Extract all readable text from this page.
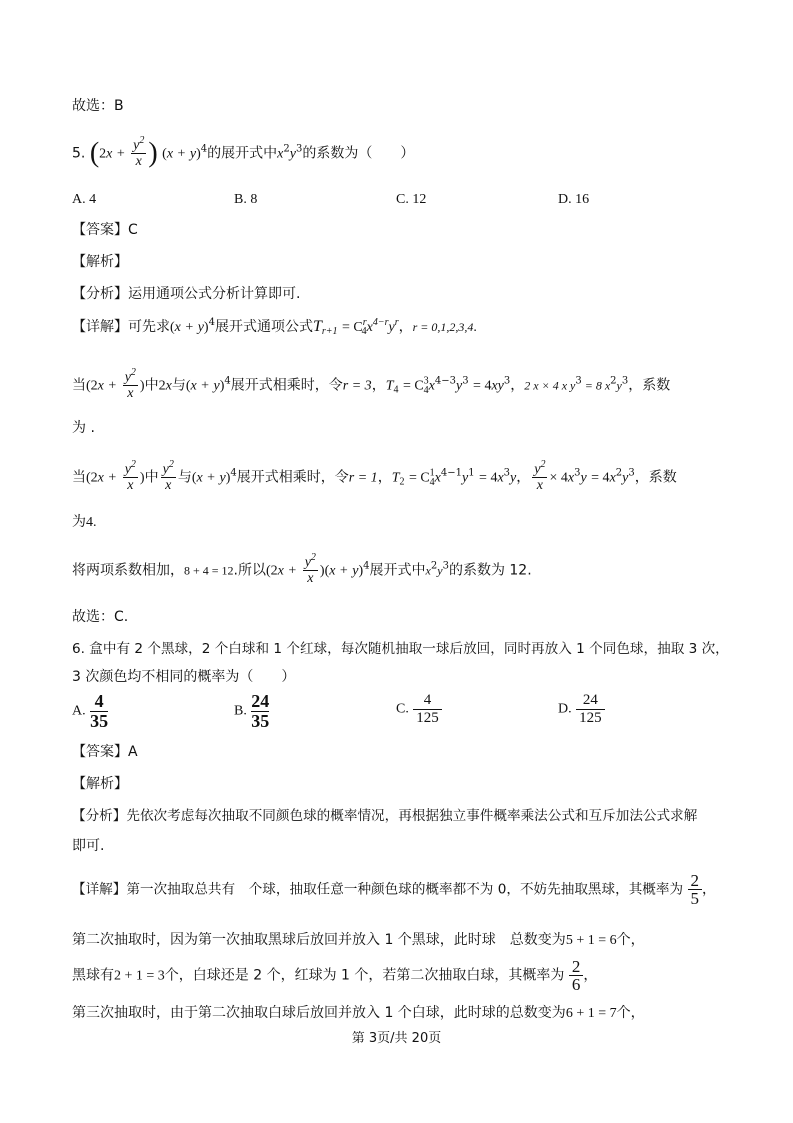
故选：B
5. ($2x + \frac{y^2}{x}$ ) $(x + y)^4$的展开式中$x^2y^3$的系数为（　　）
A. 4	B. 8	C. 12	D. 16
【答案】C
【解析】
【分析】运用通项公式分析计算即可.
【详解】可先求$(x + y)^4$展开式通项公式$T_{r+1} = C^r_4x^{4-r}y^r$，r = 0,1,2,3,4.
当($2x + \frac{y^2}{x}$ )中2x与$(x + y)^4$展开式相乘时，令r = 3，$T_4 = C^3_4x^{4-3}y^3 = 4xy^3$，2 x × 4 x $y^3 = 8$ $x^2y^3$，系数
为 .
当($2x + \frac{y^2}{x}$ )中 $\frac{y^2}{x}$ 与$(x + y)^4$展开式相乘时，令r = 1，$T_2 = C^1_4x^{4-1}y^1 = 4x^3y$， $\frac{y^2}{x} \times 4x^3y = 4x^2y^3$，系数
为4.
将两项系数相加，8 + 4 = 12.所以$(2x + \frac{y^2}{x} )(x + y)^4$展开式中$x^2y^3$的系数为 12.
故选：C.
6. 盒中有 2 个黑球，2 个白球和 1 个红球，每次随机抽取一球后放回，同时再放入 1 个同色球，抽取 3 次，
3 次颜色均不相同的概率为（　　）
A. $\frac{4}{35}$	B. $\frac{24}{35}$	C. $\frac{4}{125}$	D. $\frac{24}{125}$
【答案】A
【解析】
【分析】先依次考虑每次抽取不同颜色球的概率情况，再根据独立事件概率乘法公式和互斥加法公式求解
即可.
【详解】第一次抽取总共有　个球，抽取任意一种颜色球的概率都不为 0，不妨先抽取黑球，其概率为 $\frac{2}{5}$ ，
第二次抽取时，因为第一次抽取黑球后放回并放入 1 个黑球，此时球　总数变为5 + 1 = 6个，
黑球有2 + 1 = 3个，白球还是 2 个，红球为 1 个，若第二次抽取白球，其概率为 $\frac{2}{6}$ ，
第三次抽取时，由于第二次抽取白球后放回并放入 1 个白球，此时球的总数变为6 + 1 = 7个，
第 3页/共 20页
